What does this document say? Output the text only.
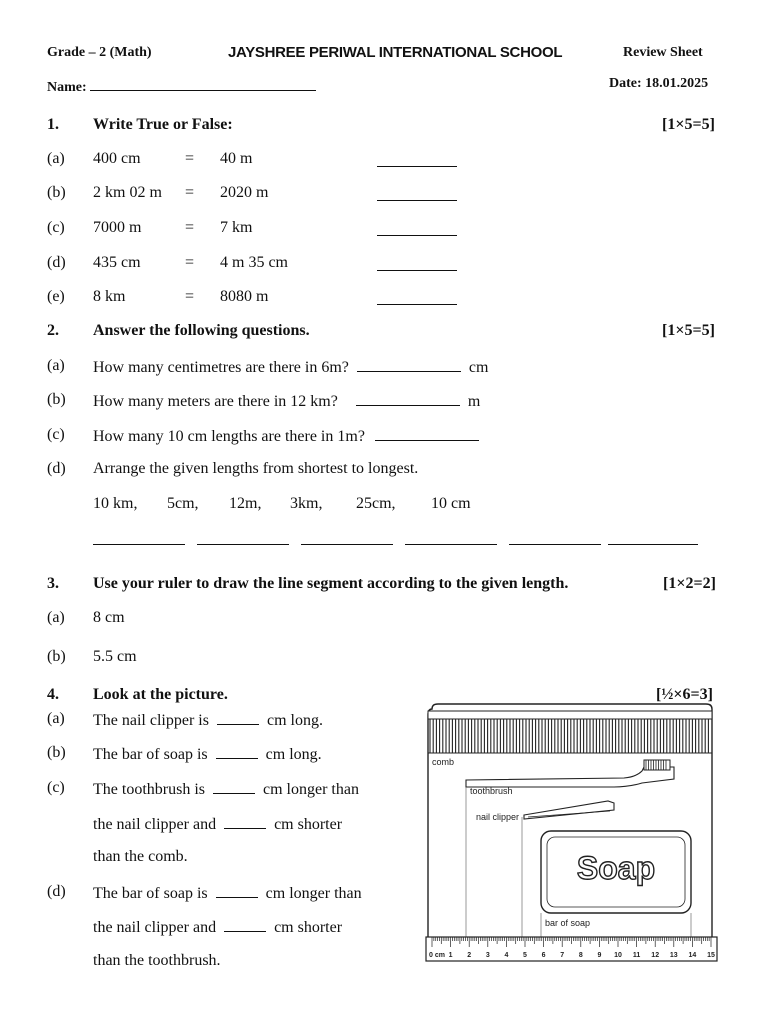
Grade – 2 (Math)	JAYSHREE PERIWAL INTERNATIONAL SCHOOL	Review Sheet
Name:	Date: 18.01.2025
1. Write True or False:	[1×5=5]
(a) 400 cm	= 40 m
(b) 2 km 02 m = 2020 m
(c) 7000 m	= 7 km
(d) 435 cm	= 4 m 35 cm
(e) 8 km	= 8080 m
2. Answer the following questions.	[1×5=5]
(a) How many centimetres are there in 6m?	cm
(b) How many meters are there in 12 km?	m
(c) How many 10 cm lengths are there in 1m?
(d) Arrange the given lengths from shortest to longest.
10 km, 5cm, 12m, 3km, 25cm, 10 cm
3. Use your ruler to draw the line segment according to the given length.	[1×2=2]
(a) 8 cm
(b) 5.5 cm
4. Look at the picture.	[½×6=3]
(a) The nail clipper is	cm long.
(b) The bar of soap is	cm long.
(c) The toothbrush is	cm longer than
the nail clipper and	cm shorter
than the comb.
(d) The bar of soap is	cm longer than
the nail clipper and	cm shorter
than the toothbrush.
comb
toothbrush
nail clipper
Soap
bar of soap
0 cm 1 2 3 4 5 6 7 8 9 10 11 12 13 14 15
